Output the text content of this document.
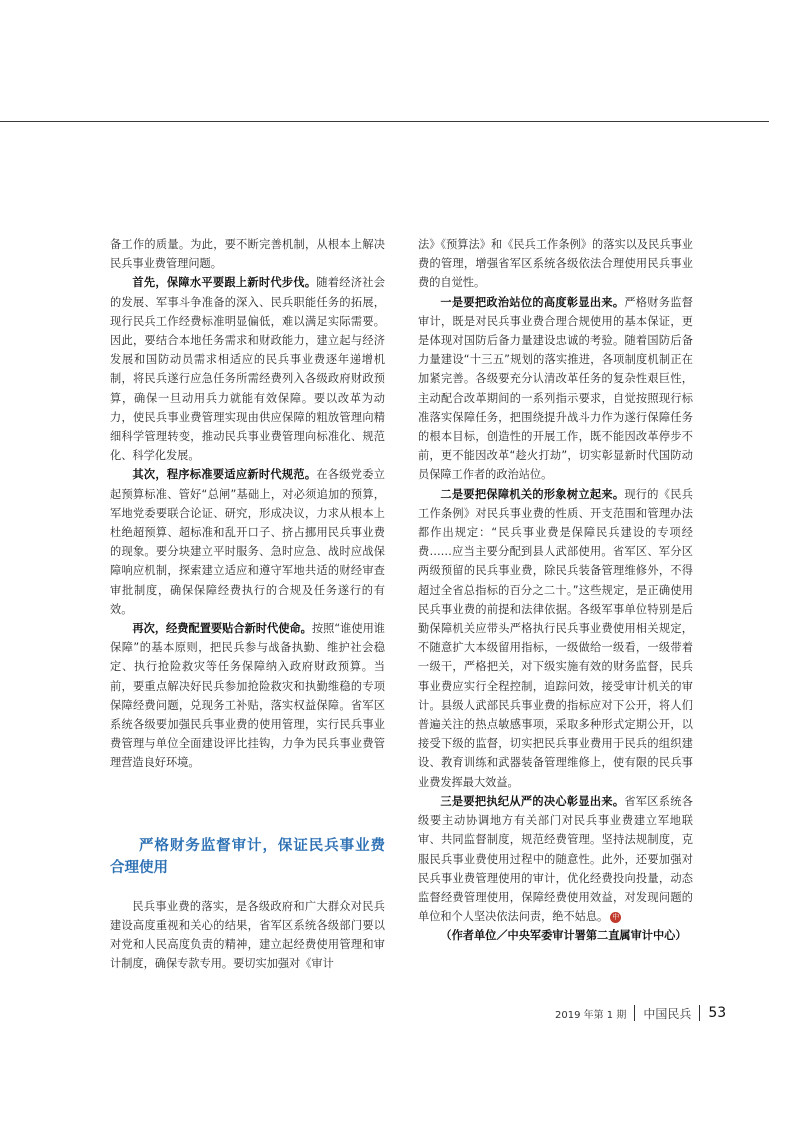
备工作的质量。为此，要不断完善机制，从根本上解决民兵事业费管理问题。

首先，保障水平要跟上新时代步伐。随着经济社会的发展、军事斗争准备的深入、民兵职能任务的拓展，现行民兵工作经费标准明显偏低，难以满足实际需要。因此，要结合本地任务需求和财政能力，建立起与经济发展和国防动员需求相适应的民兵事业费逐年递增机制，将民兵遂行应急任务所需经费列入各级政府财政预算，确保一旦动用兵力就能有效保障。要以改革为动力，使民兵事业费管理实现由供应保障的粗放管理向精细科学管理转变，推动民兵事业费管理向标准化、规范化、科学化发展。

其次，程序标准要适应新时代规范。在各级党委立起预算标准、管好“总闸”基础上，对必须追加的预算，军地党委要联合论证、研究，形成决议，力求从根本上杜绝超预算、超标准和乱开口子、挤占挪用民兵事业费的现象。要分块建立平时服务、急时应急、战时应战保障响应机制，探索建立适应和遵守军地共适的财经审查审批制度，确保保障经费执行的合规及任务遂行的有效。

再次，经费配置要贴合新时代使命。按照“谁使用谁保障”的基本原则，把民兵参与战备执勤、维护社会稳定、执行抢险救灾等任务保障纳入政府财政预算。当前，要重点解决好民兵参加抢险救灾和执勤维稳的专项保障经费问题，兑现务工补贴，落实权益保障。省军区系统各级要加强民兵事业费的使用管理，实行民兵事业费管理与单位全面建设评比挂钩，力争为民兵事业费管理营造良好环境。

严格财务监督审计，保证民兵事业费合理使用

民兵事业费的落实，是各级政府和广大群众对民兵建设高度重视和关心的结果，省军区系统各级部门要以对党和人民高度负责的精神，建立起经费使用管理和审计制度，确保专款专用。要切实加强对《审计

法》《预算法》和《民兵工作条例》的落实以及民兵事业费的管理，增强省军区系统各级依法合理使用民兵事业费的自觉性。

一是要把政治站位的高度彰显出来。严格财务监督审计，既是对民兵事业费合理合规使用的基本保证，更是体现对国防后备力量建设忠诚的考验。随着国防后备力量建设“十三五”规划的落实推进，各项制度机制正在加紧完善。各级要充分认清改革任务的复杂性艰巨性，主动配合改革期间的一系列指示要求，自觉按照现行标准落实保障任务，把围绕提升战斗力作为遂行保障任务的根本目标，创造性的开展工作，既不能因改革停步不前，更不能因改革“趁火打劫”，切实彰显新时代国防动员保障工作者的政治站位。

二是要把保障机关的形象树立起来。现行的《民兵工作条例》对民兵事业费的性质、开支范围和管理办法都作出规定：“民兵事业费是保障民兵建设的专项经费……应当主要分配到县人武部使用。省军区、军分区两级预留的民兵事业费，除民兵装备管理维修外，不得超过全省总指标的百分之二十。”这些规定，是正确使用民兵事业费的前提和法律依据。各级军事单位特别是后勤保障机关应带头严格执行民兵事业费使用相关规定，不随意扩大本级留用指标，一级做给一级看，一级带着一级干，严格把关，对下级实施有效的财务监督，民兵事业费应实行全程控制，追踪问效，接受审计机关的审计。县级人武部民兵事业费的指标应对下公开，将人们普遍关注的热点敏感事项，采取多种形式定期公开，以接受下级的监督，切实把民兵事业费用于民兵的组织建设、教育训练和武器装备管理维修上，使有限的民兵事业费发挥最大效益。

三是要把执纪从严的决心彰显出来。省军区系统各级要主动协调地方有关部门对民兵事业费建立军地联审、共同监督制度，规范经费管理。坚持法规制度，克服民兵事业费使用过程中的随意性。此外，还要加强对民兵事业费管理使用的审计，优化经费投向投量，动态监督经费管理使用，保障经费使用效益，对发现问题的单位和个人坚决依法问责，绝不姑息。 中

（作者单位／中央军委审计署第二直属审计中心）

2019 年第 1 期 中国民兵 53
